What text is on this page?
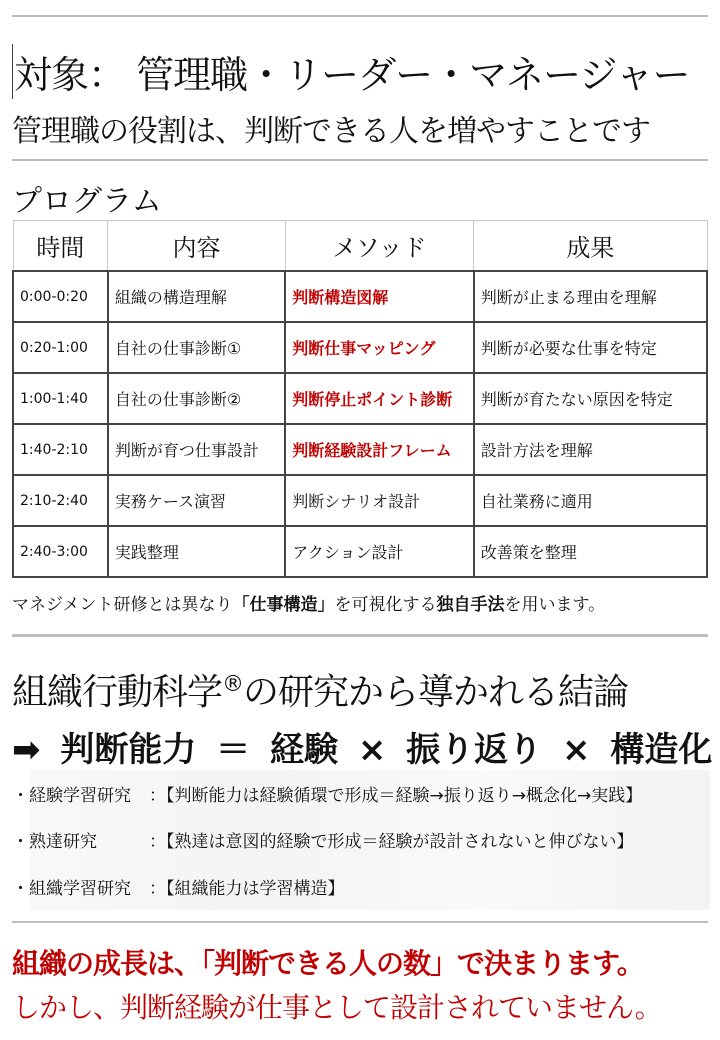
対象： 管理職・リーダー・マネージャー
管理職の役割は、判断できる人を増やすことです
プログラム
時間	内容	メソッド	成果
0:00-0:20	組織の構造理解	判断構造図解	判断が止まる理由を理解
0:20-1:00	自社の仕事診断①	判断仕事マッピング	判断が必要な仕事を特定
1:00-1:40	自社の仕事診断②	判断停止ポイント診断	判断が育たない原因を特定
1:40-2:10	判断が育つ仕事設計	判断経験設計フレーム	設計方法を理解
2:10-2:40	実務ケース演習	判断シナリオ設計	自社業務に適用
2:40-3:00	実践整理	アクション設計	改善策を整理
マネジメント研修とは異なり「仕事構造」を可視化する独自手法を用います。
組織行動科学®の研究から導かれる結論
➡ 判断能力 ＝ 経験 × 振り返り × 構造化
・経験学習研究 ：【判断能力は経験循環で形成＝経験→振り返り→概念化→実践】
・熟達研究	：【熟達は意図的経験で形成＝経験が設計されないと伸びない】
・組織学習研究 ：【組織能力は学習構造】
組織の成長は、「判断できる人の数」で決まります。
しかし、判断経験が仕事として設計されていません。
